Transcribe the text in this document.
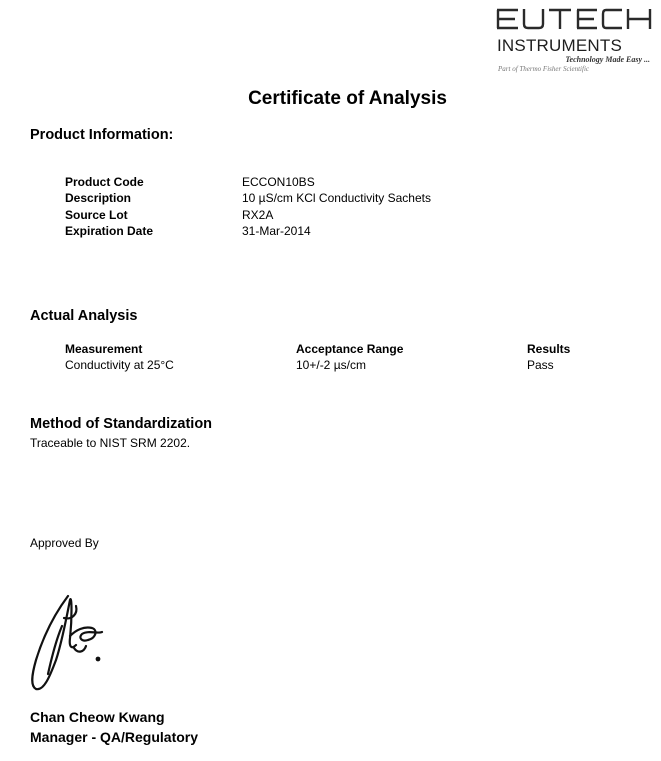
INSTRUMENTS
Technology Made Easy ...
Part of Thermo Fisher Scientific
Certificate of Analysis
Product Information:
Product Code	ECCON10BS
Description	10 µS/cm KCl Conductivity Sachets
Source Lot	RX2A
Expiration Date	31-Mar-2014
Actual Analysis
Measurement	Acceptance Range	Results
Conductivity at 25°C	10+/-2 µs/cm	Pass
Method of Standardization
Traceable to NIST SRM 2202.
Approved By
Chan Cheow Kwang
Manager - QA/Regulatory
